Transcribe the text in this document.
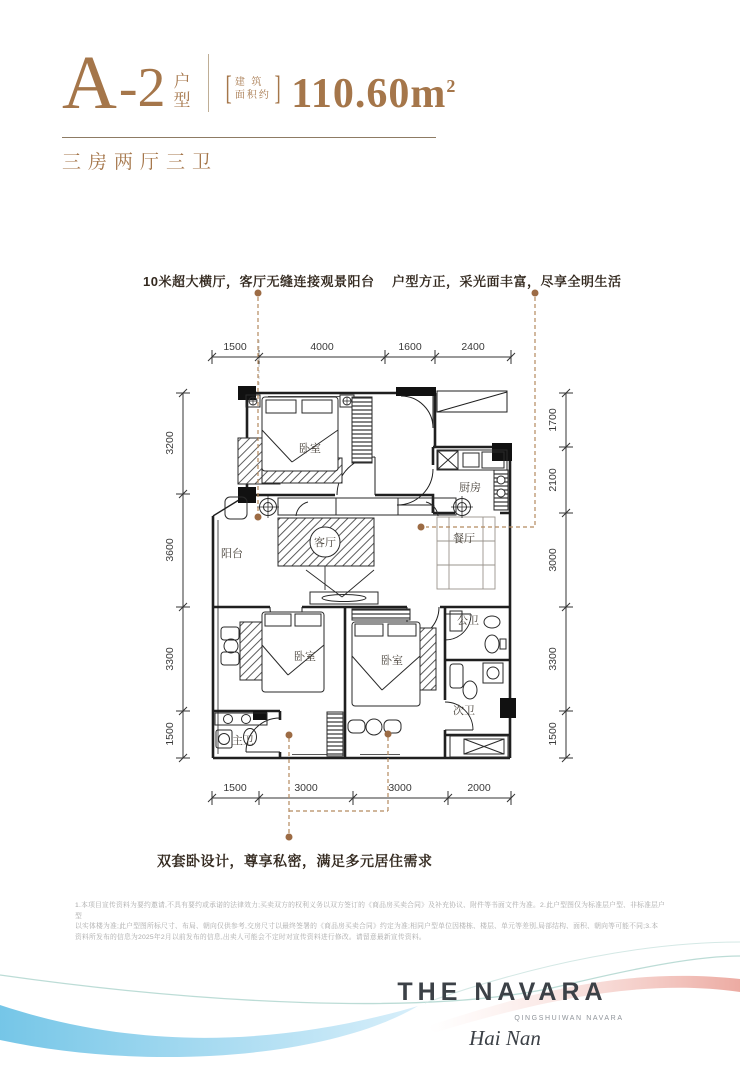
A -2 户
型 [ 建 筑
面积约 ] $110.60m^2$
三房两厅三卫
10米超大横厅，客厅无缝连接观景阳台 户型方正，采光面丰富，尽享全明生活
双套卧设计，尊享私密，满足多元居住需求
1500	4000	1600	2400
1500	3000	3000	2000
3200
3600
3300
1500
1700
2100
3000
3300
1500
卧室
厨房
阳台
客厅	餐厅
卧室	卧室
公卫
次卫
主卫
1.本项目宣传资料为要约邀请,不具有要约或承诺的法律效力;买卖双方的权利义务以双方签订的《商品房买卖合同》及补充协议、附件等书面文件为准。2.此户型图仅为标准层户型、非标准层户型
以实体楼为准;此户型图所标尺寸、布局、朝向仅供参考,交房尺寸以最终签署的《商品房买卖合同》约定为准;相同户型单位因楼栋、楼层、单元等差别,局部结构、面积、朝向等可能不同;3.本
资料所发布的信息为2025年2月以前发布的信息,出卖人可能会不定时对宣传资料进行修改。请留意最新宣传资料。
THE NAVARA
QINGSHUIWAN NAVARA
Hai Nan
